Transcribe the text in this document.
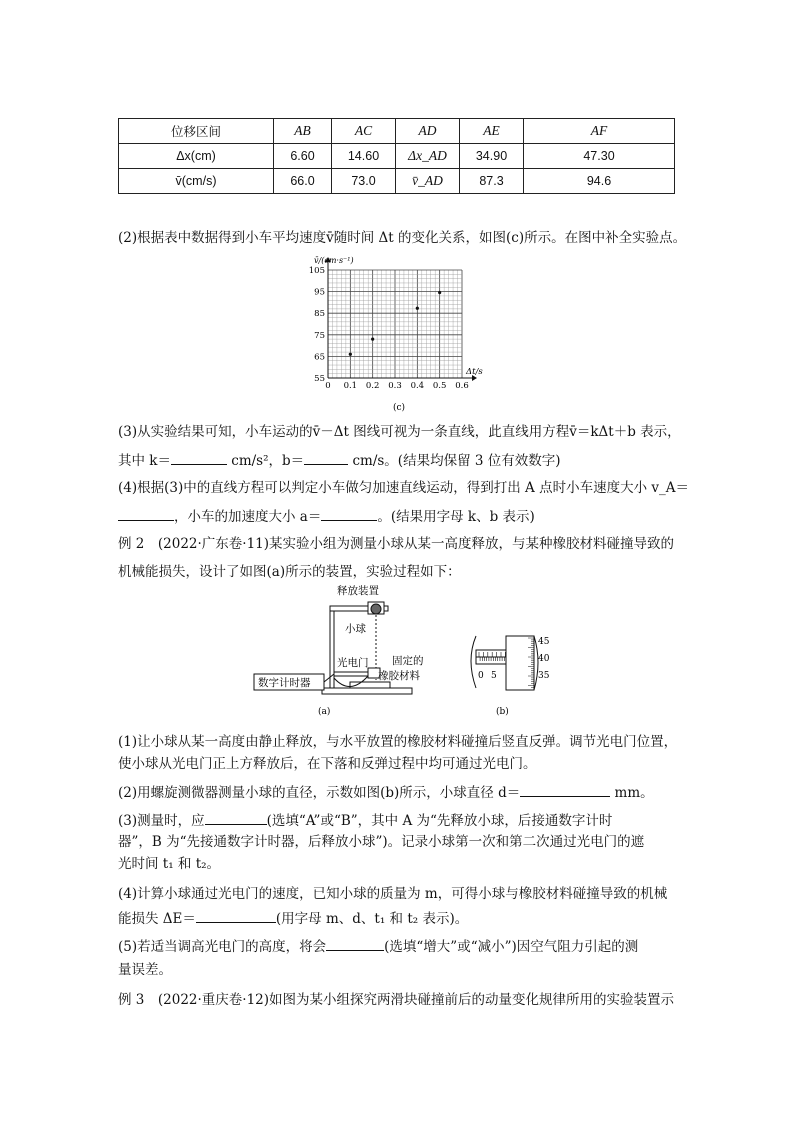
位移区间	AB	AC	AD	AE	AF
Δx(cm)	6.60	14.60	Δx_AD	34.90	47.30
v̄(cm/s)	66.0	73.0	v̄_AD	87.3	94.6
(2)根据表中数据得到小车平均速度v̄随时间 Δt 的变化关系，如图(c)所示。在图中补全实验点。
0 0.1 0.2 0.3 0.4 0.5 0.6
55
65
75
85
95
105
v̄/(cm·s⁻¹)
Δt/s
(c)
(3)从实验结果可知，小车运动的v̄－Δt 图线可视为一条直线，此直线用方程v̄＝kΔt＋b 表示，
其中 k＝	cm/s²，b＝	cm/s。(结果均保留 3 位有效数字)
(4)根据(3)中的直线方程可以判定小车做匀加速直线运动，得到打出 A 点时小车速度大小 v_A＝
，小车的加速度大小 a＝	。(结果用字母 k、b 表示)
例 2　(2022·广东卷·11)某实验小组为测量小球从某一高度释放，与某种橡胶材料碰撞导致的
机械能损失，设计了如图(a)所示的装置，实验过程如下：
释放装置
小球
光电门 固定的
橡胶材料
数字计时器
(a)
45
40
35
0 5
(b)
(1)让小球从某一高度由静止释放，与水平放置的橡胶材料碰撞后竖直反弹。调节光电门位置，
使小球从光电门正上方释放后，在下落和反弹过程中均可通过光电门。
(2)用螺旋测微器测量小球的直径，示数如图(b)所示，小球直径 d＝	mm。
(3)测量时，应	(选填“A”或“B”，其中 A 为“先释放小球，后接通数字计时
器”，B 为“先接通数字计时器，后释放小球”)。记录小球第一次和第二次通过光电门的遮
光时间 t₁ 和 t₂。
(4)计算小球通过光电门的速度，已知小球的质量为 m，可得小球与橡胶材料碰撞导致的机械
能损失 ΔE＝	(用字母 m、d、t₁ 和 t₂ 表示)。
(5)若适当调高光电门的高度，将会	(选填“增大”或“减小”)因空气阻力引起的测
量误差。
例 3　(2022·重庆卷·12)如图为某小组探究两滑块碰撞前后的动量变化规律所用的实验装置示
